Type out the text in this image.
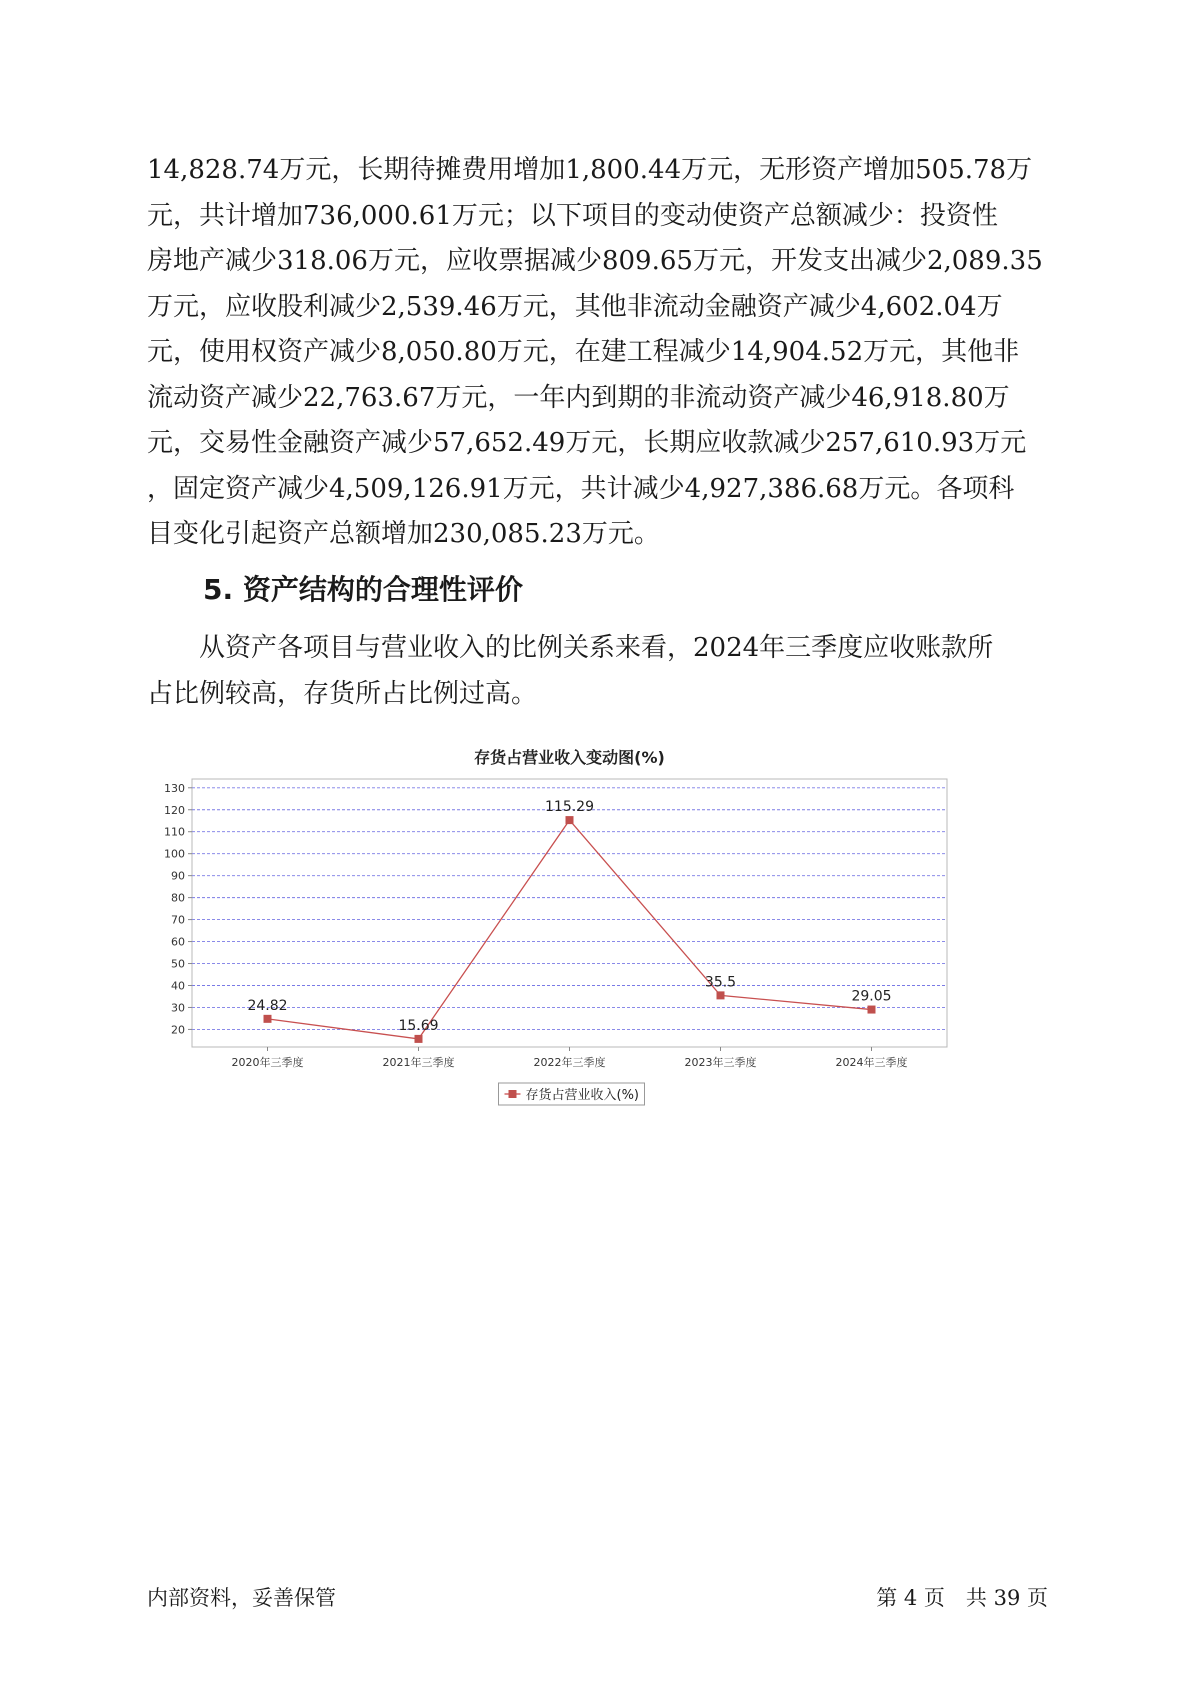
14,828.74万元，长期待摊费用增加1,800.44万元，无形资产增加505.78万
元，共计增加736,000.61万元；以下项目的变动使资产总额减少：投资性
房地产减少318.06万元，应收票据减少809.65万元，开发支出减少2,089.35
万元，应收股利减少2,539.46万元，其他非流动金融资产减少4,602.04万
元，使用权资产减少8,050.80万元，在建工程减少14,904.52万元，其他非
流动资产减少22,763.67万元，一年内到期的非流动资产减少46,918.80万
元，交易性金融资产减少57,652.49万元，长期应收款减少257,610.93万元
，固定资产减少4,509,126.91万元，共计减少4,927,386.68万元。各项科
目变化引起资产总额增加230,085.23万元。
5. 资产结构的合理性评价
　　从资产各项目与营业收入的比例关系来看，2024年三季度应收账款所
占比例较高，存货所占比例过高。
存货占营业收入变动图(%)
20
30
40
50
60
70
80
90
100
110
120
130
2020年三季度	2021年三季度	2022年三季度	2023年三季度	2024年三季度
24.82
15.69
115.29
35.5
29.05
存货占营业收入(%)

内部资料，妥善保管	第 4 页　共 39 页
